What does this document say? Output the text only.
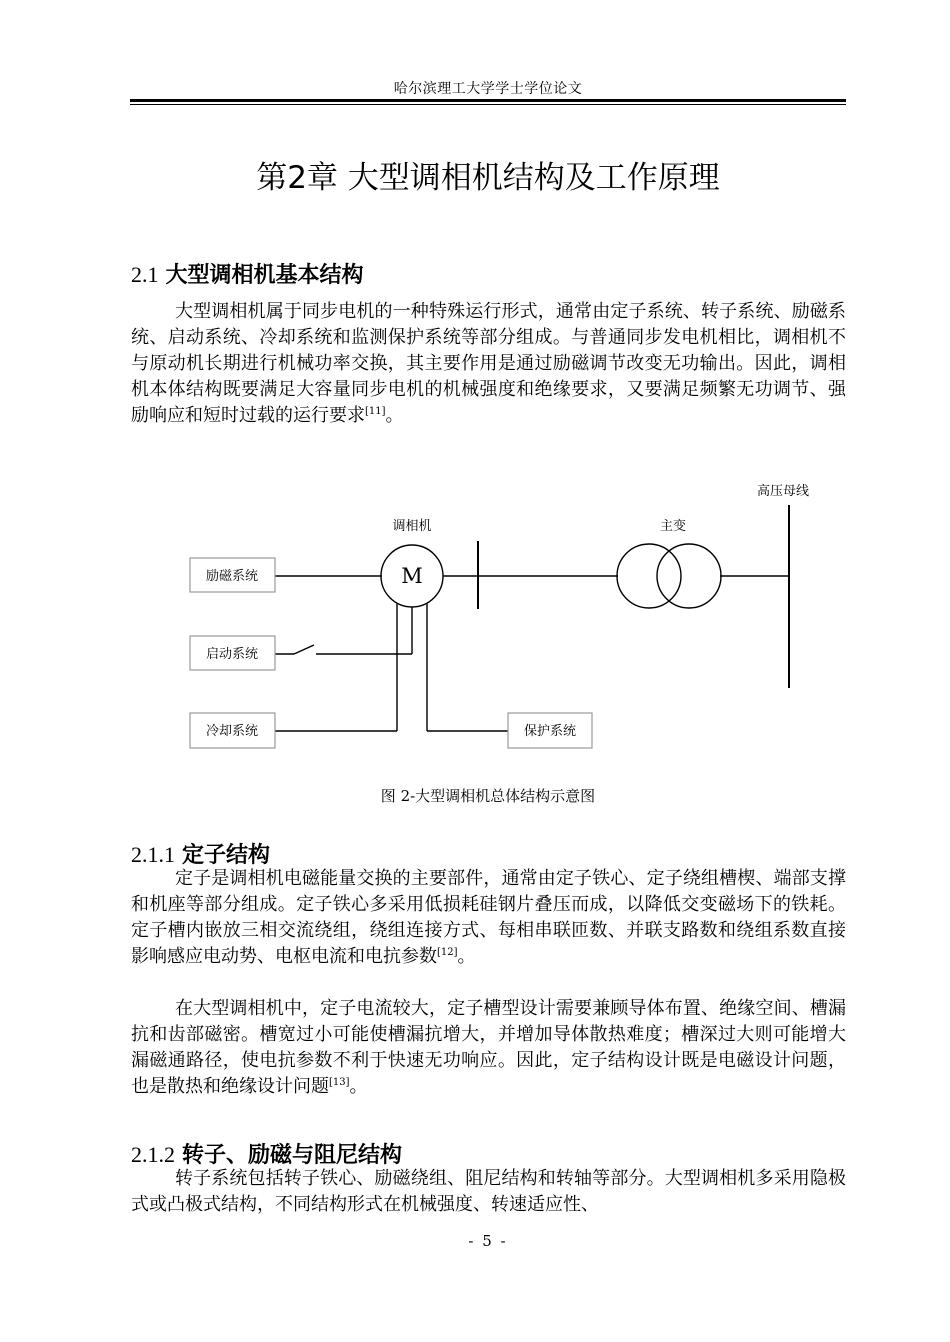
哈尔滨理工大学学士学位论文
第2章 大型调相机结构及工作原理
2.1 大型调相机基本结构

大型调相机属于同步电机的一种特殊运行形式，通常由定子系统、转子系统、励磁系统、启动系统、冷却系统和监测保护系统等部分组成。与普通同步发电机相比，调相机不与原动机长期进行机械功率交换，其主要作用是通过励磁调节改变无功输出。因此，调相机本体结构既要满足大容量同步电机的机械强度和绝缘要求，又要满足频繁无功调节、强励响应和短时过载的运行要求[11]。

励磁系统
启动系统
冷却系统	保护系统
调相机	主变
高压母线
M
图 2-大型调相机总体结构示意图
2.1.1 定子结构

定子是调相机电磁能量交换的主要部件，通常由定子铁心、定子绕组槽楔、端部支撑和机座等部分组成。定子铁心多采用低损耗硅钢片叠压而成，以降低交变磁场下的铁耗。定子槽内嵌放三相交流绕组，绕组连接方式、每相串联匝数、并联支路数和绕组系数直接影响感应电动势、电枢电流和电抗参数[12]。

在大型调相机中，定子电流较大，定子槽型设计需要兼顾导体布置、绝缘空间、槽漏抗和齿部磁密。槽宽过小可能使槽漏抗增大，并增加导体散热难度；槽深过大则可能增大漏磁通路径，使电抗参数不利于快速无功响应。因此，定子结构设计既是电磁设计问题，也是散热和绝缘设计问题[13]。

2.1.2 转子、励磁与阻尼结构

转子系统包括转子铁心、励磁绕组、阻尼结构和转轴等部分。大型调相机多采用隐极式或凸极式结构，不同结构形式在机械强度、转速适应性、

- 5 -
